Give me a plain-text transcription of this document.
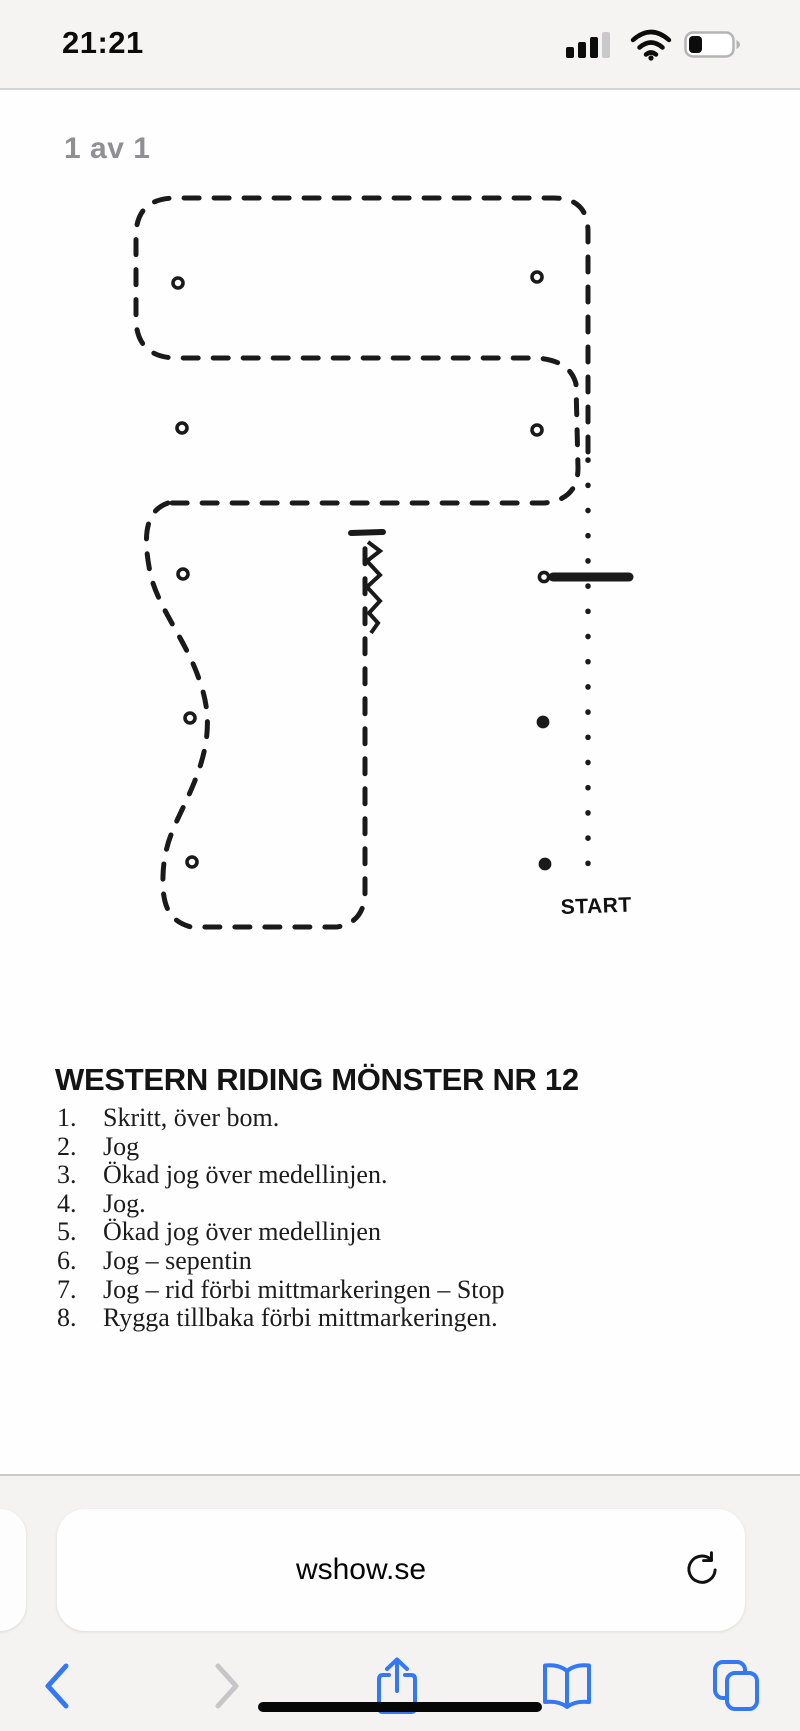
21:21
1 av 1
START
WESTERN RIDING MÖNSTER NR 12
1.	Skritt, över bom.
2.	Jog
3.	Ökad jog över medellinjen.
4.	Jog.
5.	Ökad jog över medellinjen
6.	Jog – sepentin
7.	Jog – rid förbi mittmarkeringen – Stop
8.	Rygga tillbaka förbi mittmarkeringen.
wshow.se
